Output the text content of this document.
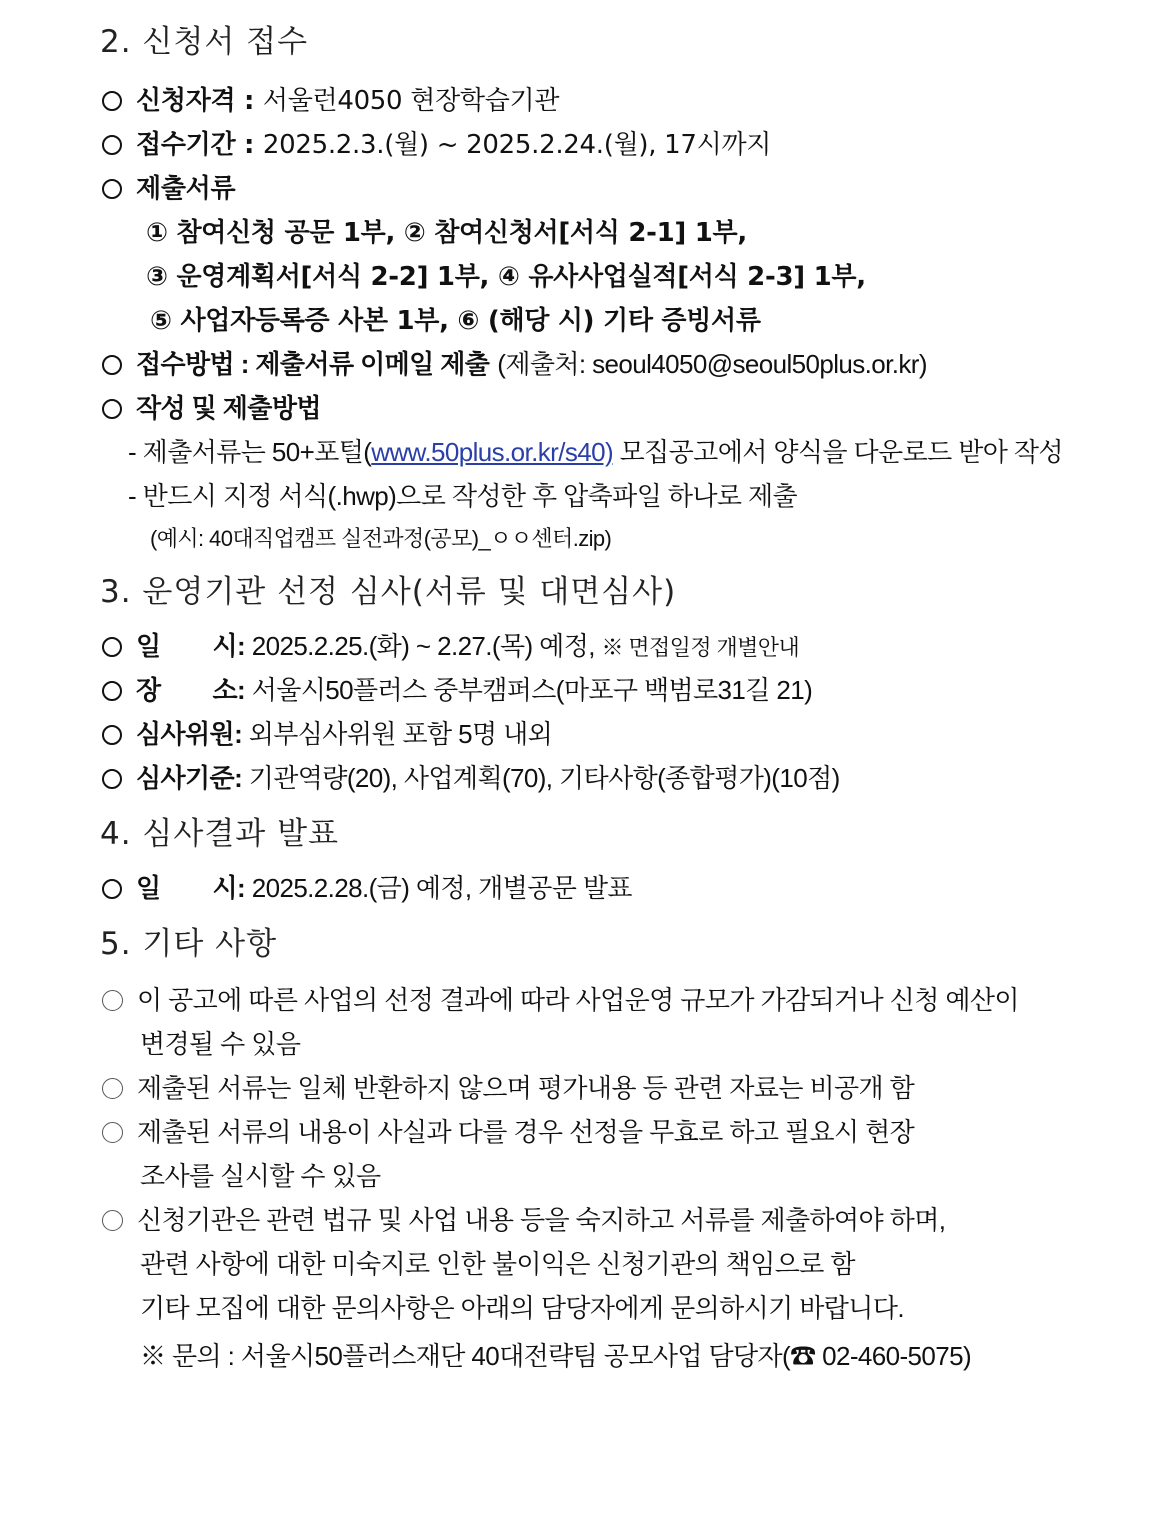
2. 신청서 접수
신청자격 : 서울런4050 현장학습기관
접수기간 : 2025.2.3.(월) ~ 2025.2.24.(월), 17시까지
제출서류
① 참여신청 공문 1부, ② 참여신청서[서식 2-1] 1부,
③ 운영계획서[서식 2-2] 1부, ④ 유사사업실적[서식 2-3] 1부,
⑤ 사업자등록증 사본 1부, ⑥ (해당 시) 기타 증빙서류
접수방법 : 제출서류 이메일 제출 (제출처: seoul4050@seoul50plus.or.kr)
작성 및 제출방법
- 제출서류는 50+포털(www.50plus.or.kr/s40) 모집공고에서 양식을 다운로드 받아 작성
- 반드시 지정 서식(.hwp)으로 작성한 후 압축파일 하나로 제출
(예시: 40대직업캠프 실전과정(공모)_ㅇㅇ센터.zip)
3. 운영기관 선정 심사(서류 및 대면심사)
일 시: 2025.2.25.(화) ~ 2.27.(목) 예정, ※ 면접일정 개별안내
장 소: 서울시50플러스 중부캠퍼스(마포구 백범로31길 21)
심사위원: 외부심사위원 포함 5명 내외
심사기준: 기관역량(20), 사업계획(70), 기타사항(종합평가)(10점)
4. 심사결과 발표
일 시: 2025.2.28.(금) 예정, 개별공문 발표
5. 기타 사항
이 공고에 따른 사업의 선정 결과에 따라 사업운영 규모가 가감되거나 신청 예산이
변경될 수 있음
제출된 서류는 일체 반환하지 않으며 평가내용 등 관련 자료는 비공개 함
제출된 서류의 내용이 사실과 다를 경우 선정을 무효로 하고 필요시 현장
조사를 실시할 수 있음
신청기관은 관련 법규 및 사업 내용 등을 숙지하고 서류를 제출하여야 하며,
관련 사항에 대한 미숙지로 인한 불이익은 신청기관의 책임으로 함
기타 모집에 대한 문의사항은 아래의 담당자에게 문의하시기 바랍니다.
※ 문의 : 서울시50플러스재단 40대전략팀 공모사업 담당자(☎ 02-460-5075)
